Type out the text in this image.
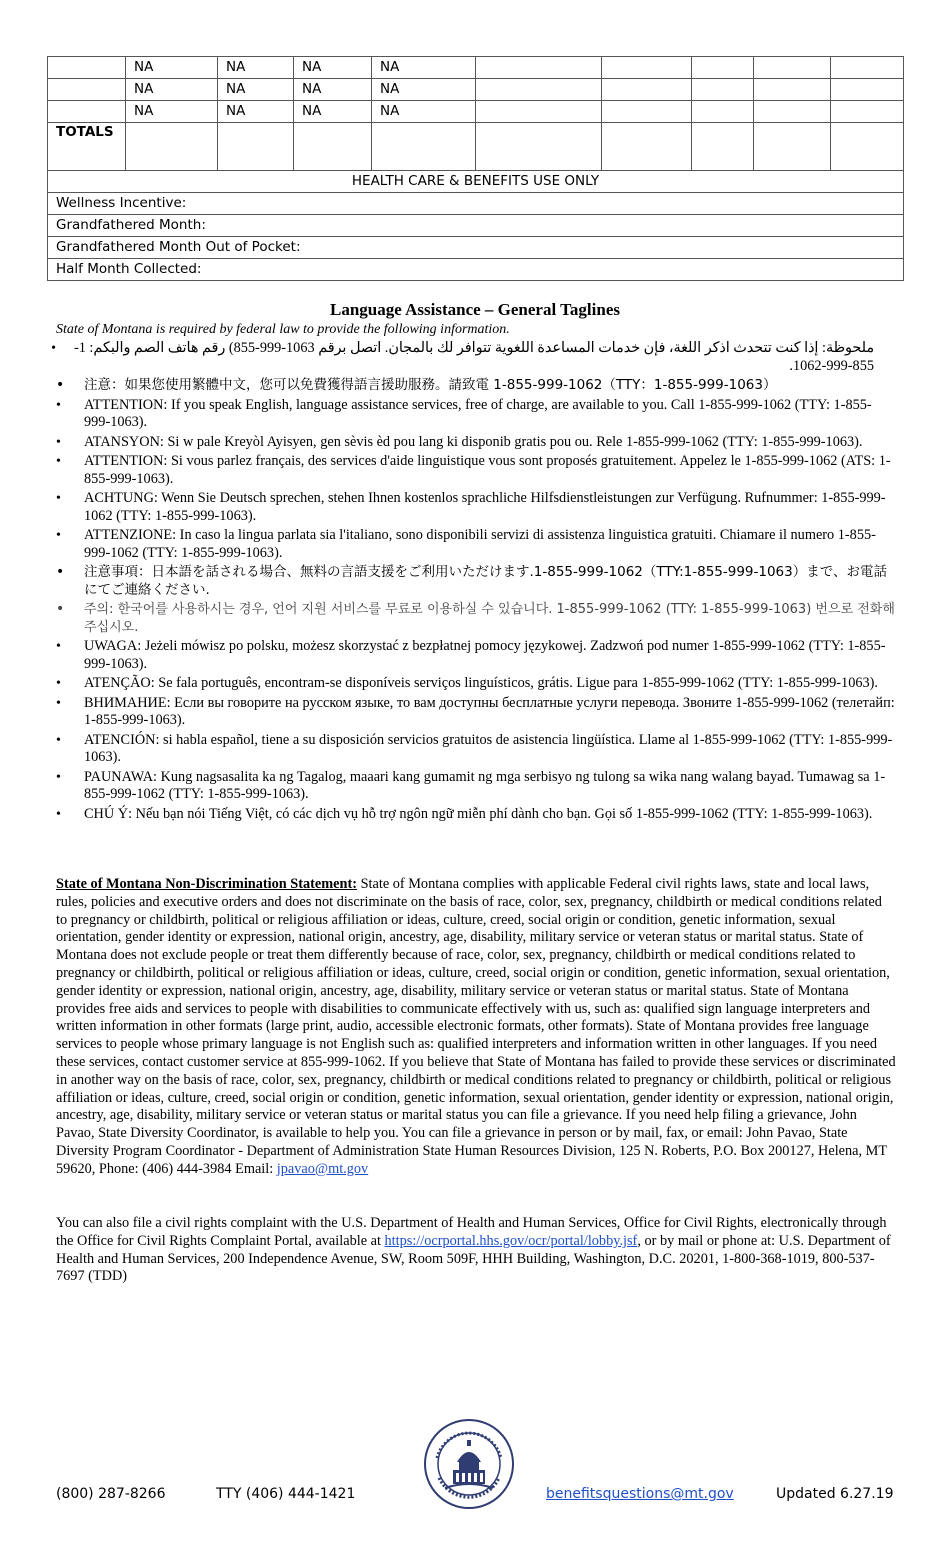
	NA	NA	NA	NA					
	NA	NA	NA	NA					
	NA	NA	NA	NA					
TOTALS									
HEALTH CARE & BENEFITS USE ONLY									
Wellness Incentive:									
Grandfathered Month:									
Grandfathered Month Out of Pocket:									
Half Month Collected:									
Language Assistance – General Taglines
State of Montana is required by federal law to provide the following information.
• ملحوظة: إذا كنت تتحدث اذكر اللغة، فإن خدمات المساعدة اللغوية تتوافر لك بالمجان. اتصل برقم 1063-999-855) رقم هاتف الصم والبكم: 1-855-999-1062.
• 注意：如果您使用繁體中文，您可以免費獲得語言援助服務。請致電 1-855-999-1062（TTY：1-855-999-1063）
• ATTENTION: If you speak English, language assistance services, free of charge, are available to you. Call 1-855-999-1062 (TTY: 1-855-999-1063).
• ATANSYON: Si w pale Kreyòl Ayisyen, gen sèvis èd pou lang ki disponib gratis pou ou. Rele 1-855-999-1062 (TTY: 1-855-999-1063).
• ATTENTION: Si vous parlez français, des services d'aide linguistique vous sont proposés gratuitement. Appelez le 1-855-999-1062 (ATS: 1-855-999-1063).
• ACHTUNG: Wenn Sie Deutsch sprechen, stehen Ihnen kostenlos sprachliche Hilfsdienstleistungen zur Verfügung. Rufnummer: 1-855-999-1062 (TTY: 1-855-999-1063).
• ATTENZIONE: In caso la lingua parlata sia l'italiano, sono disponibili servizi di assistenza linguistica gratuiti. Chiamare il numero 1-855-999-1062 (TTY: 1-855-999-1063).
• 注意事項：日本語を話される場合、無料の言語支援をご利用いただけます.1-855-999-1062（TTY:1-855-999-1063）まで、お電話にてご連絡ください.
• 주의: 한국어를 사용하시는 경우, 언어 지원 서비스를 무료로 이용하실 수 있습니다. 1-855-999-1062 (TTY: 1-855-999-1063) 번으로 전화해 주십시오.
• UWAGA: Jeżeli mówisz po polsku, możesz skorzystać z bezpłatnej pomocy językowej. Zadzwoń pod numer 1-855-999-1062 (TTY: 1-855-999-1063).
• ATENÇÃO: Se fala português, encontram-se disponíveis serviços linguísticos, grátis. Ligue para 1-855-999-1062 (TTY: 1-855-999-1063).
• ВНИМАНИЕ: Если вы говорите на русском языке, то вам доступны бесплатные услуги перевода. Звоните 1-855-999-1062 (телетайп: 1-855-999-1063).
• ATENCIÓN: si habla español, tiene a su disposición servicios gratuitos de asistencia lingüística. Llame al 1-855-999-1062 (TTY: 1-855-999-1063).
• PAUNAWA: Kung nagsasalita ka ng Tagalog, maaari kang gumamit ng mga serbisyo ng tulong sa wika nang walang bayad. Tumawag sa 1-855-999-1062 (TTY: 1-855-999-1063).
• CHÚ Ý: Nếu bạn nói Tiếng Việt, có các dịch vụ hỗ trợ ngôn ngữ miễn phí dành cho bạn. Gọi số 1-855-999-1062 (TTY: 1-855-999-1063).

State of Montana Non-Discrimination Statement: State of Montana complies with applicable Federal civil rights laws, state and local laws, rules, policies and executive orders and does not discriminate on the basis of race, color, sex, pregnancy, childbirth or medical conditions related to pregnancy or childbirth, political or religious affiliation or ideas, culture, creed, social origin or condition, genetic information, sexual orientation, gender identity or expression, national origin, ancestry, age, disability, military service or veteran status or marital status. State of Montana does not exclude people or treat them differently because of race, color, sex, pregnancy, childbirth or medical conditions related to pregnancy or childbirth, political or religious affiliation or ideas, culture, creed, social origin or condition, genetic information, sexual orientation, gender identity or expression, national origin, ancestry, age, disability, military service or veteran status or marital status. State of Montana provides free aids and services to people with disabilities to communicate effectively with us, such as: qualified sign language interpreters and written information in other formats (large print, audio, accessible electronic formats, other formats). State of Montana provides free language services to people whose primary language is not English such as: qualified interpreters and information written in other languages. If you need these services, contact customer service at 855-999-1062. If you believe that State of Montana has failed to provide these services or discriminated in another way on the basis of race, color, sex, pregnancy, childbirth or medical conditions related to pregnancy or childbirth, political or religious affiliation or ideas, culture, creed, social origin or condition, genetic information, sexual orientation, gender identity or expression, national origin, ancestry, age, disability, military service or veteran status or marital status you can file a grievance. If you need help filing a grievance, John Pavao, State Diversity Coordinator, is available to help you. You can file a grievance in person or by mail, fax, or email: John Pavao, State Diversity Program Coordinator - Department of Administration State Human Resources Division, 125 N. Roberts, P.O. Box 200127, Helena, MT 59620, Phone: (406) 444-3984 Email: jpavao@mt.gov

You can also file a civil rights complaint with the U.S. Department of Health and Human Services, Office for Civil Rights, electronically through the Office for Civil Rights Complaint Portal, available at https://ocrportal.hhs.gov/ocr/portal/lobby.jsf, or by mail or phone at: U.S. Department of Health and Human Services, 200 Independence Avenue, SW, Room 509F, HHH Building, Washington, D.C. 20201, 1-800-368-1019, 800-537-7697 (TDD)

(800) 287-8266	TTY (406) 444-1421	benefitsquestions@mt.gov	Updated 6.27.19
